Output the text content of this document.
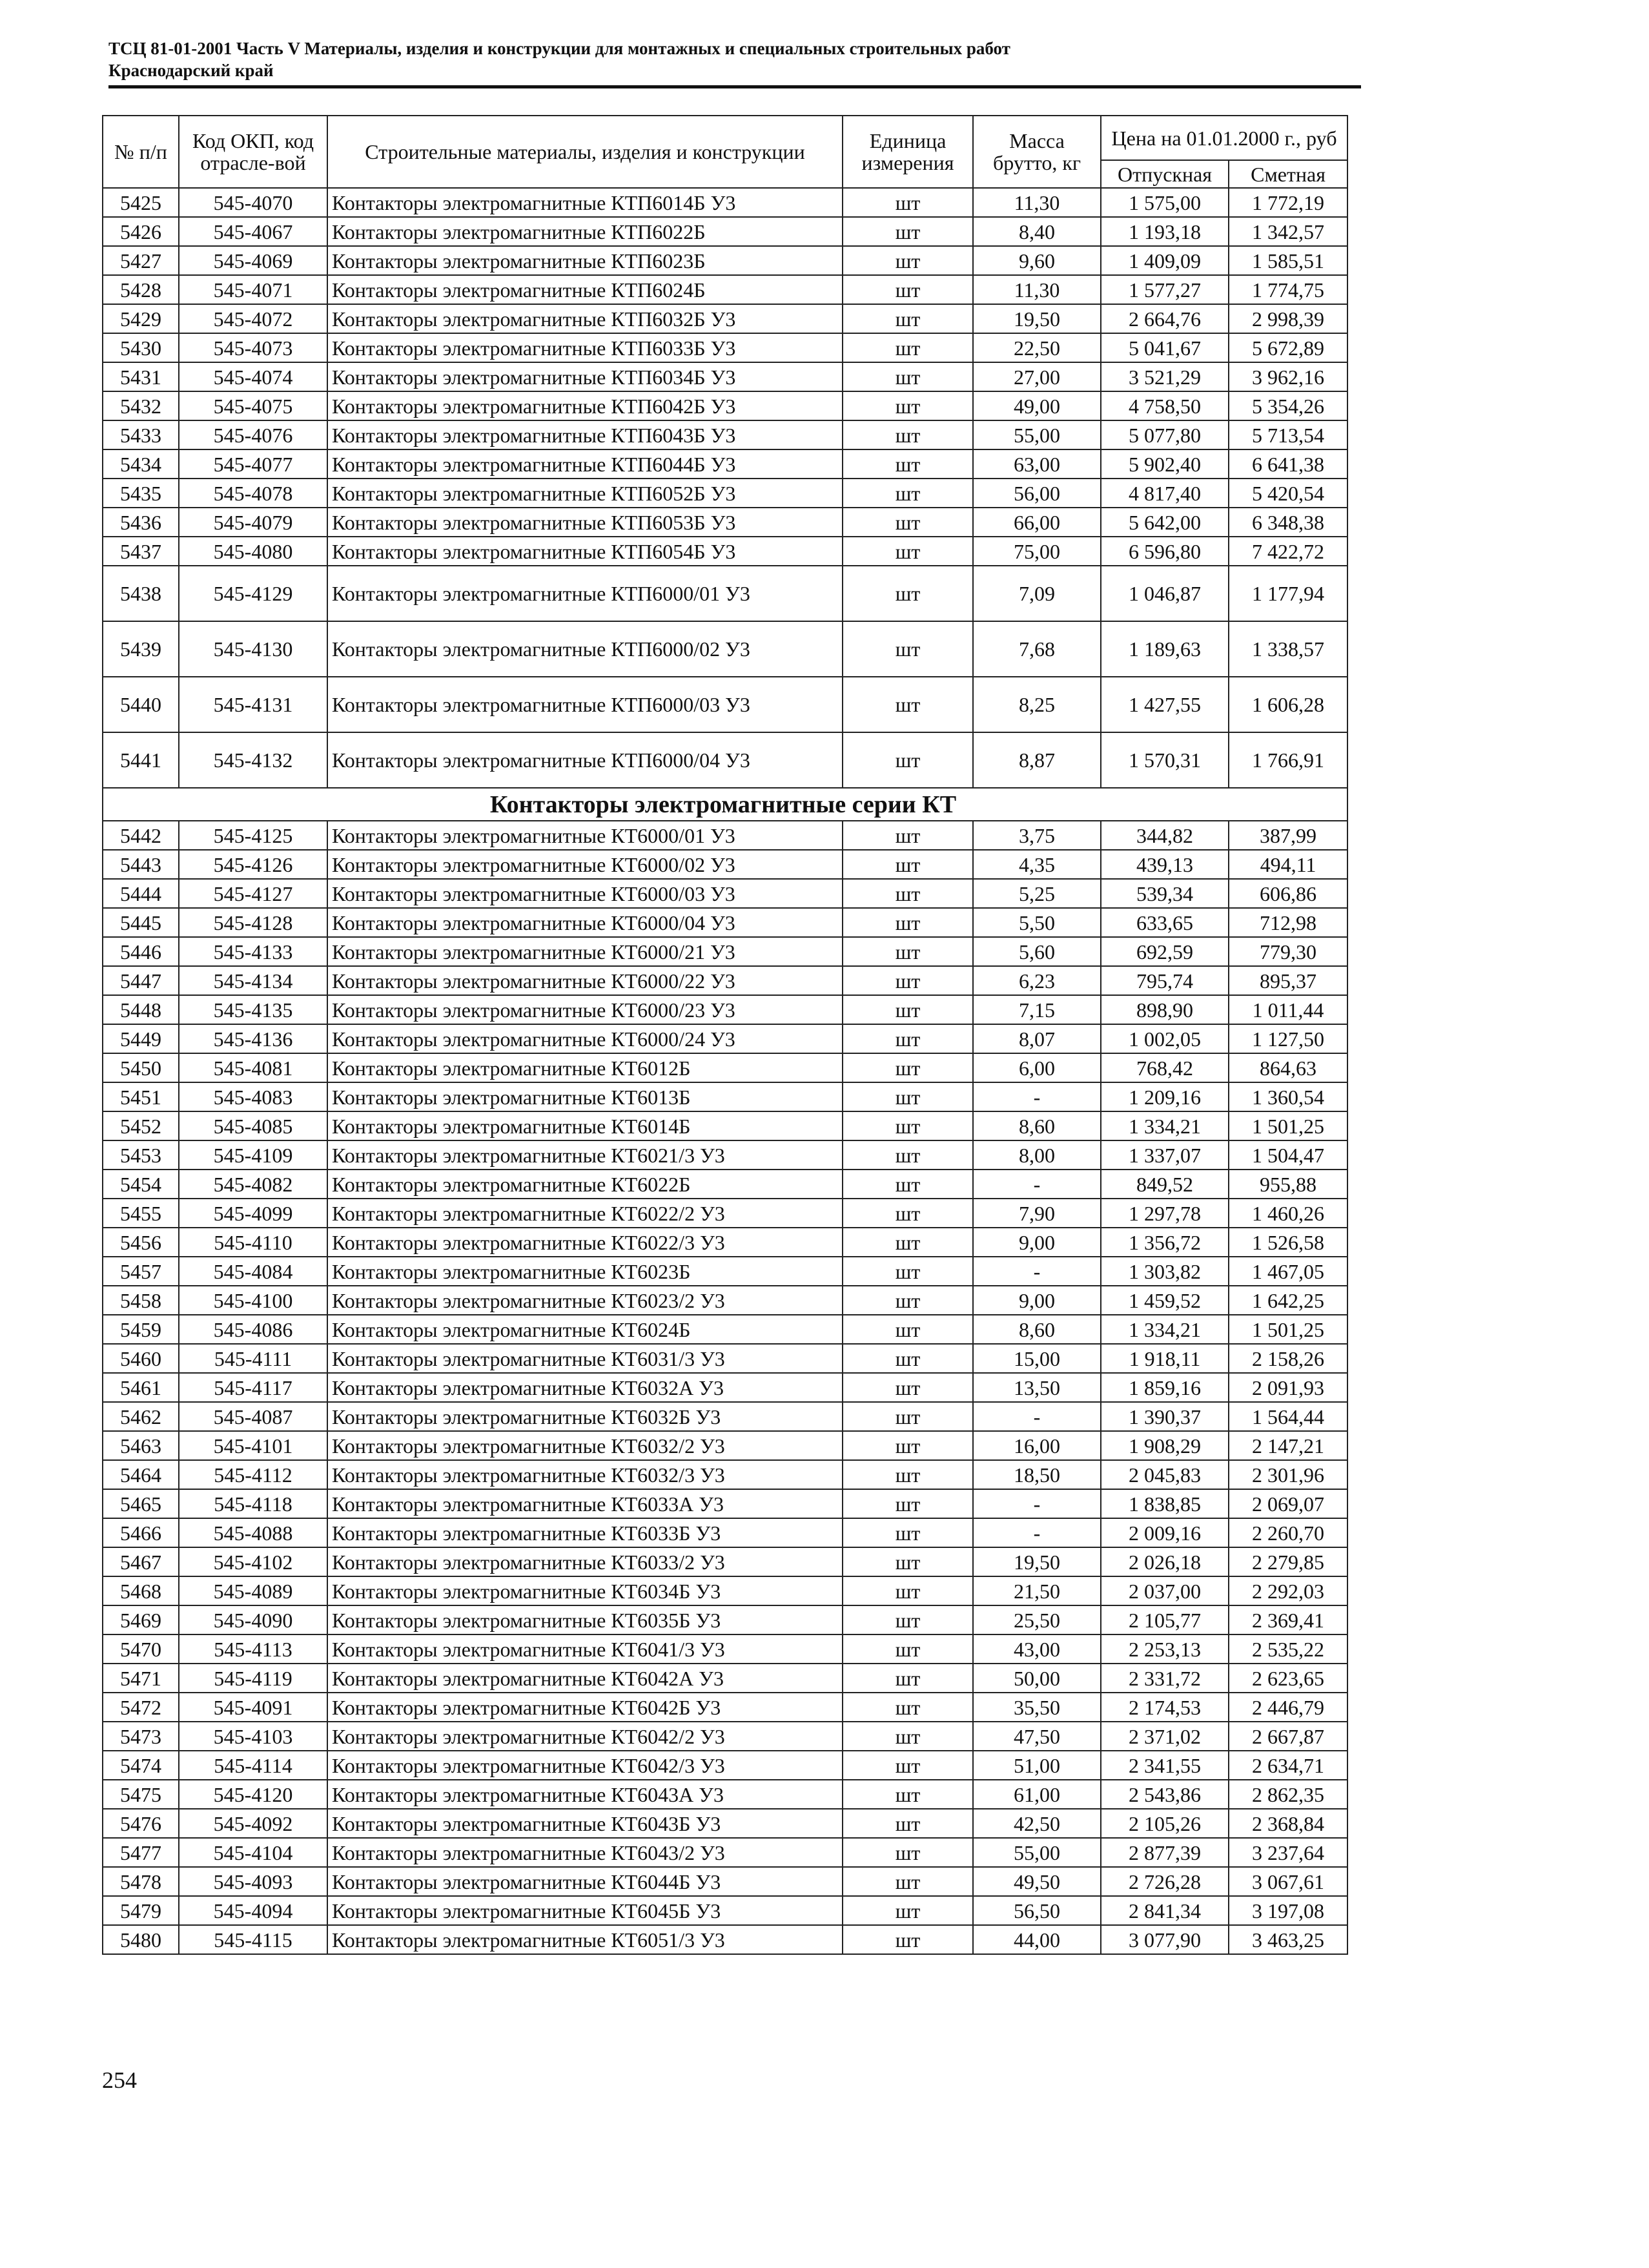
ТСЦ 81-01-2001 Часть V Материалы, изделия и конструкции для монтажных и специальных строительных работ
Краснодарский край
№ п/п	Код ОКП, код отрасле-вой	Строительные материалы, изделия и конструкции	Единица измерения	Масса брутто, кг	Цена на 01.01.2000 г., руб	
					Отпускная	Сметная
5425	545-4070	Контакторы электромагнитные КТП6014Б У3	шт	11,30	1 575,00	1 772,19
5426	545-4067	Контакторы электромагнитные КТП6022Б	шт	8,40	1 193,18	1 342,57
5427	545-4069	Контакторы электромагнитные КТП6023Б	шт	9,60	1 409,09	1 585,51
5428	545-4071	Контакторы электромагнитные КТП6024Б	шт	11,30	1 577,27	1 774,75
5429	545-4072	Контакторы электромагнитные КТП6032Б У3	шт	19,50	2 664,76	2 998,39
5430	545-4073	Контакторы электромагнитные КТП6033Б У3	шт	22,50	5 041,67	5 672,89
5431	545-4074	Контакторы электромагнитные КТП6034Б У3	шт	27,00	3 521,29	3 962,16
5432	545-4075	Контакторы электромагнитные КТП6042Б У3	шт	49,00	4 758,50	5 354,26
5433	545-4076	Контакторы электромагнитные КТП6043Б У3	шт	55,00	5 077,80	5 713,54
5434	545-4077	Контакторы электромагнитные КТП6044Б У3	шт	63,00	5 902,40	6 641,38
5435	545-4078	Контакторы электромагнитные КТП6052Б У3	шт	56,00	4 817,40	5 420,54
5436	545-4079	Контакторы электромагнитные КТП6053Б У3	шт	66,00	5 642,00	6 348,38
5437	545-4080	Контакторы электромагнитные КТП6054Б У3	шт	75,00	6 596,80	7 422,72
5438	545-4129	Контакторы электромагнитные КТП6000/01 У3	шт	7,09	1 046,87	1 177,94
5439	545-4130	Контакторы электромагнитные КТП6000/02 У3	шт	7,68	1 189,63	1 338,57
5440	545-4131	Контакторы электромагнитные КТП6000/03 У3	шт	8,25	1 427,55	1 606,28
5441	545-4132	Контакторы электромагнитные КТП6000/04 У3	шт	8,87	1 570,31	1 766,91
Контакторы электромагнитные серии КТ						
5442	545-4125	Контакторы электромагнитные КТ6000/01 У3	шт	3,75	344,82	387,99
5443	545-4126	Контакторы электромагнитные КТ6000/02 У3	шт	4,35	439,13	494,11
5444	545-4127	Контакторы электромагнитные КТ6000/03 У3	шт	5,25	539,34	606,86
5445	545-4128	Контакторы электромагнитные КТ6000/04 У3	шт	5,50	633,65	712,98
5446	545-4133	Контакторы электромагнитные КТ6000/21 У3	шт	5,60	692,59	779,30
5447	545-4134	Контакторы электромагнитные КТ6000/22 У3	шт	6,23	795,74	895,37
5448	545-4135	Контакторы электромагнитные КТ6000/23 У3	шт	7,15	898,90	1 011,44
5449	545-4136	Контакторы электромагнитные КТ6000/24 У3	шт	8,07	1 002,05	1 127,50
5450	545-4081	Контакторы электромагнитные КТ6012Б	шт	6,00	768,42	864,63
5451	545-4083	Контакторы электромагнитные КТ6013Б	шт	-	1 209,16	1 360,54
5452	545-4085	Контакторы электромагнитные КТ6014Б	шт	8,60	1 334,21	1 501,25
5453	545-4109	Контакторы электромагнитные КТ6021/3 У3	шт	8,00	1 337,07	1 504,47
5454	545-4082	Контакторы электромагнитные КТ6022Б	шт	-	849,52	955,88
5455	545-4099	Контакторы электромагнитные КТ6022/2 У3	шт	7,90	1 297,78	1 460,26
5456	545-4110	Контакторы электромагнитные КТ6022/3 У3	шт	9,00	1 356,72	1 526,58
5457	545-4084	Контакторы электромагнитные КТ6023Б	шт	-	1 303,82	1 467,05
5458	545-4100	Контакторы электромагнитные КТ6023/2 У3	шт	9,00	1 459,52	1 642,25
5459	545-4086	Контакторы электромагнитные КТ6024Б	шт	8,60	1 334,21	1 501,25
5460	545-4111	Контакторы электромагнитные КТ6031/3 У3	шт	15,00	1 918,11	2 158,26
5461	545-4117	Контакторы электромагнитные КТ6032А У3	шт	13,50	1 859,16	2 091,93
5462	545-4087	Контакторы электромагнитные КТ6032Б У3	шт	-	1 390,37	1 564,44
5463	545-4101	Контакторы электромагнитные КТ6032/2 У3	шт	16,00	1 908,29	2 147,21
5464	545-4112	Контакторы электромагнитные КТ6032/3 У3	шт	18,50	2 045,83	2 301,96
5465	545-4118	Контакторы электромагнитные КТ6033А У3	шт	-	1 838,85	2 069,07
5466	545-4088	Контакторы электромагнитные КТ6033Б У3	шт	-	2 009,16	2 260,70
5467	545-4102	Контакторы электромагнитные КТ6033/2 У3	шт	19,50	2 026,18	2 279,85
5468	545-4089	Контакторы электромагнитные КТ6034Б У3	шт	21,50	2 037,00	2 292,03
5469	545-4090	Контакторы электромагнитные КТ6035Б У3	шт	25,50	2 105,77	2 369,41
5470	545-4113	Контакторы электромагнитные КТ6041/3 У3	шт	43,00	2 253,13	2 535,22
5471	545-4119	Контакторы электромагнитные КТ6042А У3	шт	50,00	2 331,72	2 623,65
5472	545-4091	Контакторы электромагнитные КТ6042Б У3	шт	35,50	2 174,53	2 446,79
5473	545-4103	Контакторы электромагнитные КТ6042/2 У3	шт	47,50	2 371,02	2 667,87
5474	545-4114	Контакторы электромагнитные КТ6042/3 У3	шт	51,00	2 341,55	2 634,71
5475	545-4120	Контакторы электромагнитные КТ6043А У3	шт	61,00	2 543,86	2 862,35
5476	545-4092	Контакторы электромагнитные КТ6043Б У3	шт	42,50	2 105,26	2 368,84
5477	545-4104	Контакторы электромагнитные КТ6043/2 У3	шт	55,00	2 877,39	3 237,64
5478	545-4093	Контакторы электромагнитные КТ6044Б У3	шт	49,50	2 726,28	3 067,61
5479	545-4094	Контакторы электромагнитные КТ6045Б У3	шт	56,50	2 841,34	3 197,08
5480	545-4115	Контакторы электромагнитные КТ6051/3 У3	шт	44,00	3 077,90	3 463,25
254
